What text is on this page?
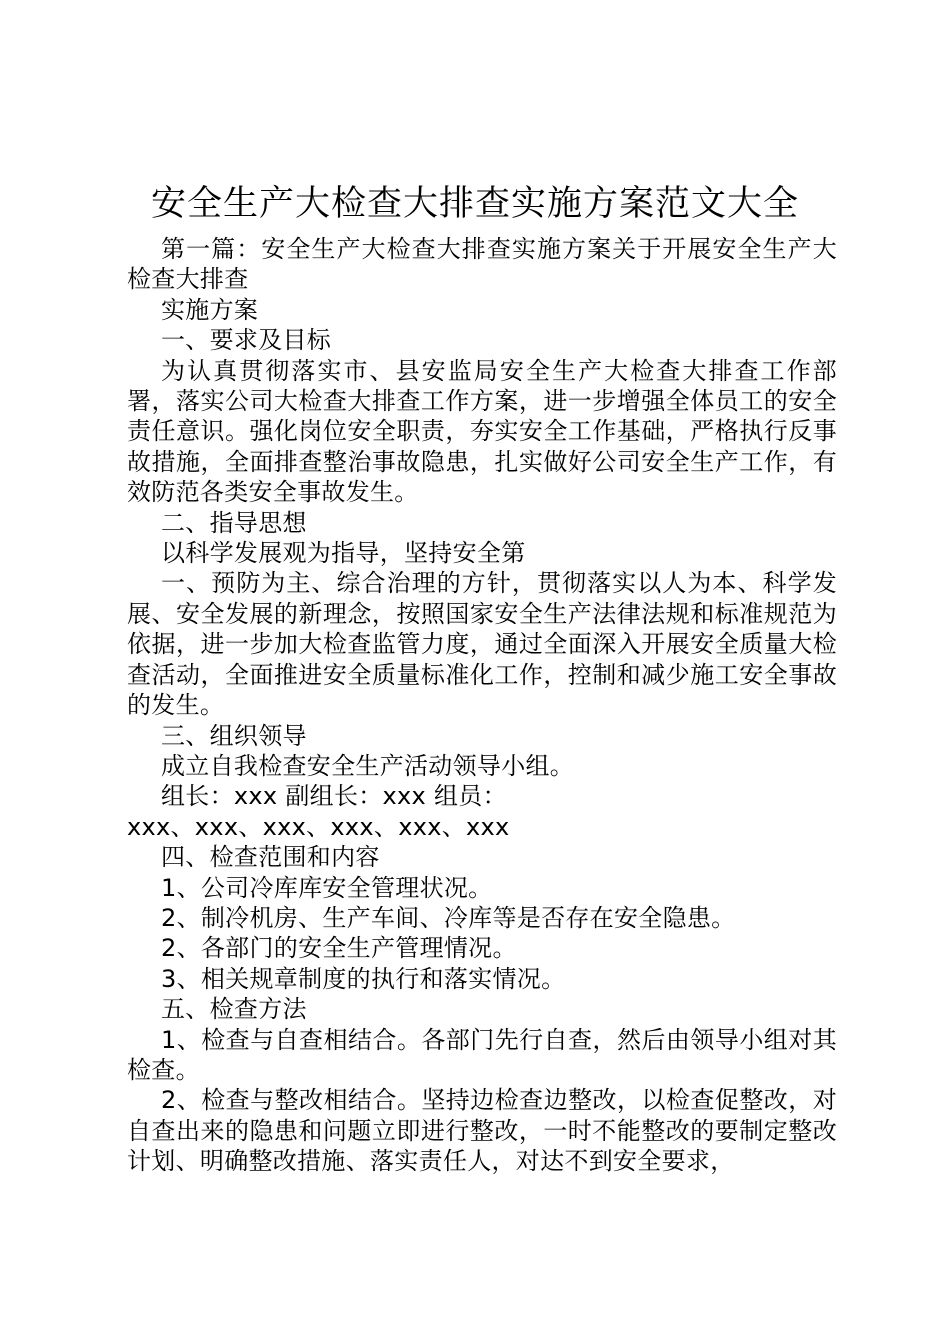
安全生产大检查大排查实施方案范文大全

第一篇：安全生产大检查大排查实施方案关于开展安全生产大检查大排查

实施方案

一、要求及目标

为认真贯彻落实市、县安监局安全生产大检查大排查工作部署，落实公司大检查大排查工作方案，进一步增强全体员工的安全责任意识。强化岗位安全职责，夯实安全工作基础，严格执行反事故措施，全面排查整治事故隐患，扎实做好公司安全生产工作，有效防范各类安全事故发生。

二、指导思想

以科学发展观为指导，坚持安全第

一、预防为主、综合治理的方针，贯彻落实以人为本、科学发展、安全发展的新理念，按照国家安全生产法律法规和标准规范为依据，进一步加大检查监管力度，通过全面深入开展安全质量大检查活动，全面推进安全质量标准化工作，控制和减少施工安全事故的发生。

三、组织领导

成立自我检查安全生产活动领导小组。

组长：xxx 副组长：xxx 组员：

xxx、xxx、xxx、xxx、xxx、xxx

四、检查范围和内容

1、公司冷库库安全管理状况。

2、制冷机房、生产车间、冷库等是否存在安全隐患。

2、各部门的安全生产管理情况。

3、相关规章制度的执行和落实情况。

五、检查方法

1、检查与自查相结合。各部门先行自查，然后由领导小组对其检查。

2、检查与整改相结合。坚持边检查边整改，以检查促整改，对自查出来的隐患和问题立即进行整改，一时不能整改的要制定整改计划、明确整改措施、落实责任人，对达不到安全要求，
